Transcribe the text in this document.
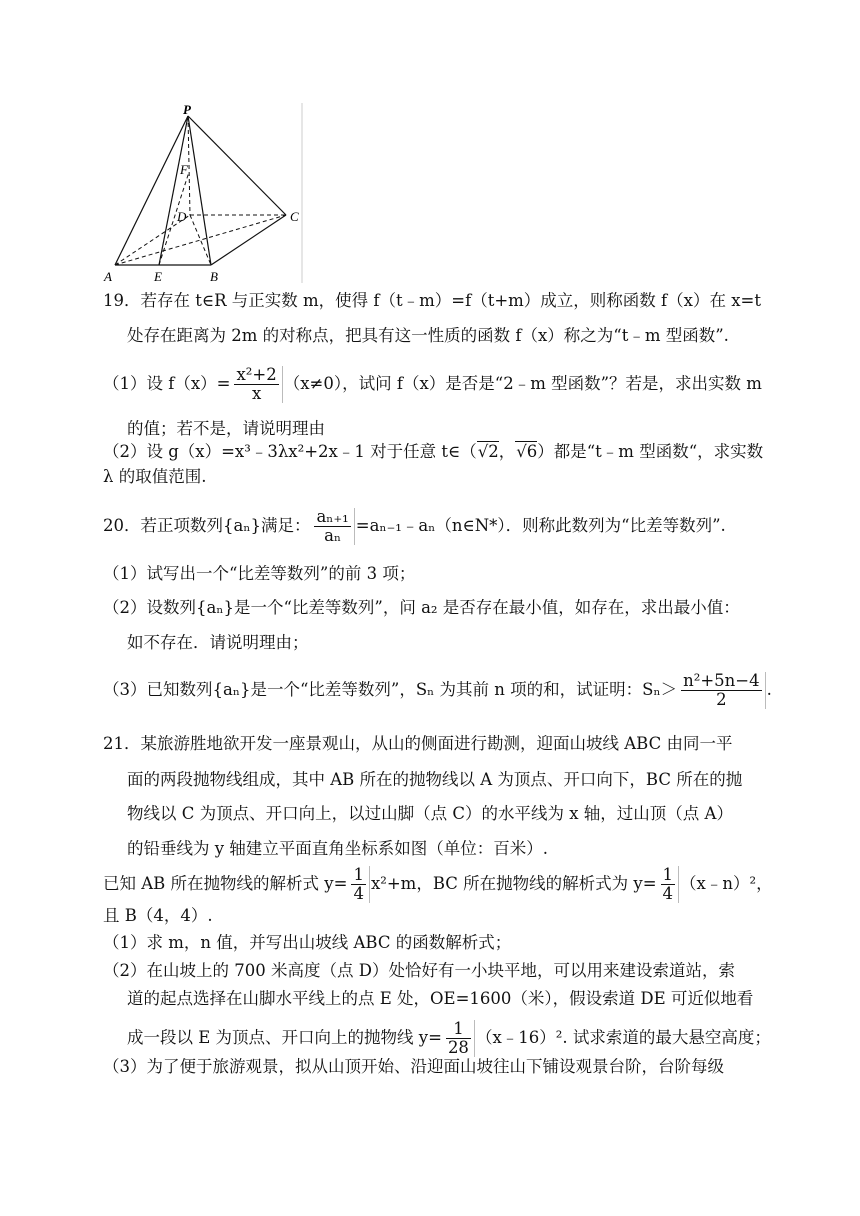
P
F
D	C
A	E	B
19．若存在 t∈R 与正实数 m，使得 f（t﹣m）=f（t+m）成立，则称函数 f（x）在 x=t
处存在距离为 2m 的对称点，把具有这一性质的函数 f（x）称之为“t﹣m 型函数”.
（1）设 $f(x)= \frac{\text{x²+2}}{x} (x\ne 0)$，试问 f（x）是否是“2﹣m 型函数”？若是，求出实数 m
的值；若不是，请说明理由
（2）设 g（x）=x³﹣3λx²+2x﹣1 对于任意 t∈（√2，√6）都是“t﹣m 型函数“，求实数
λ 的取值范围.
20．若正项数列{aₙ}满足： $\frac{\text{aₙ₊₁}}{\text{aₙ}}$ =aₙ₋₁﹣aₙ（n∈N*）．则称此数列为“比差等数列”.
（1）试写出一个“比差等数列”的前 3 项；
（2）设数列{aₙ}是一个“比差等数列”，问 a₂ 是否存在最小值，如存在，求出最小值：
如不存在．请说明理由；
（3）已知数列{aₙ}是一个“比差等数列”，Sₙ 为其前 n 项的和，试证明：$S_n> \frac{\text{n²+5n−4}}{2}$ .
21．某旅游胜地欲开发一座景观山，从山的侧面进行勘测，迎面山坡线 ABC 由同一平
面的两段抛物线组成，其中 AB 所在的抛物线以 A 为顶点、开口向下，BC 所在的抛
物线以 C 为顶点、开口向上，以过山脚（点 C）的水平线为 x 轴，过山顶（点 A）
的铅垂线为 y 轴建立平面直角坐标系如图（单位：百米）.
已知 AB 所在抛物线的解析式 $y= \frac{1}{4} x^2+m$，BC 所在抛物线的解析式为 $y= \frac{1}{4}$ （x﹣n）²，
且 B（4，4）.
（1）求 m，n 值，并写出山坡线 ABC 的函数解析式；
（2）在山坡上的 700 米高度（点 D）处恰好有一小块平地，可以用来建设索道站，索
道的起点选择在山脚水平线上的点 E 处，OE=1600（米），假设索道 DE 可近似地看
成一段以 E 为顶点、开口向上的抛物线 $y= \frac{1}{28}$ （x﹣16）². 试求索道的最大悬空高度；
（3）为了便于旅游观景，拟从山顶开始、沿迎面山坡往山下铺设观景台阶，台阶每级
